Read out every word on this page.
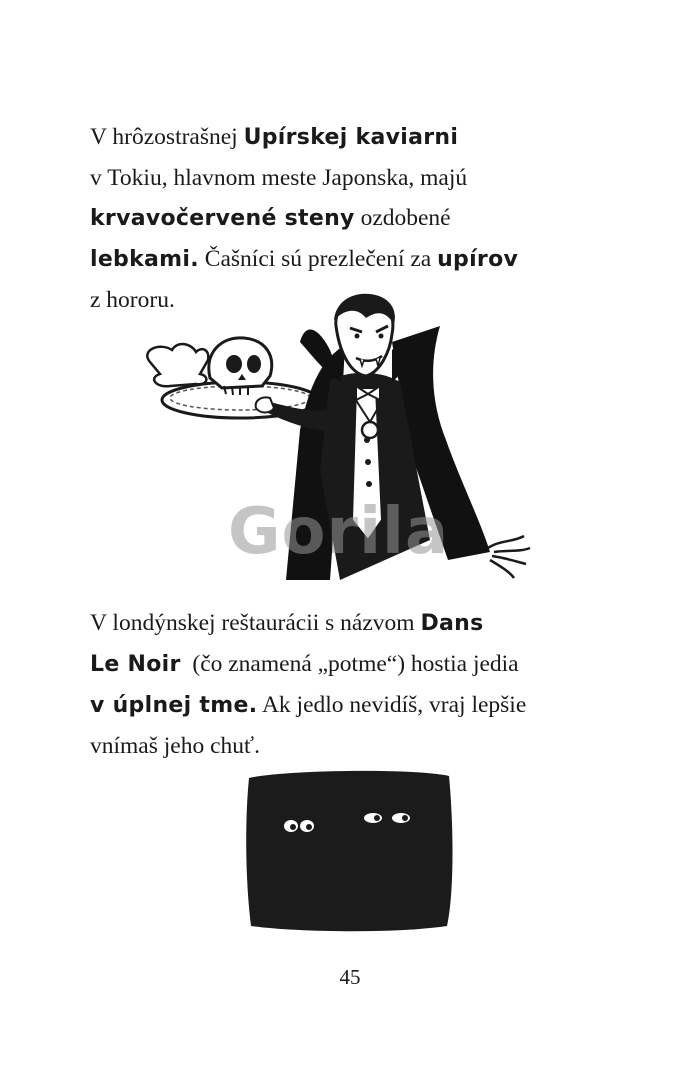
V hrôzostrašnej Upírskej kaviarni
v Tokiu, hlavnom meste Japonska, majú
krvavočervené steny ozdobené
lebkami. Čašníci sú prezlečení za upírov
z hororu.
Gorila
V londýnskej reštaurácii s názvom Dans
Le Noir  (čo znamená „potme“) hostia jedia
v úplnej tme. Ak jedlo nevidíš, vraj lepšie
vnímaš jeho chuť.
45
